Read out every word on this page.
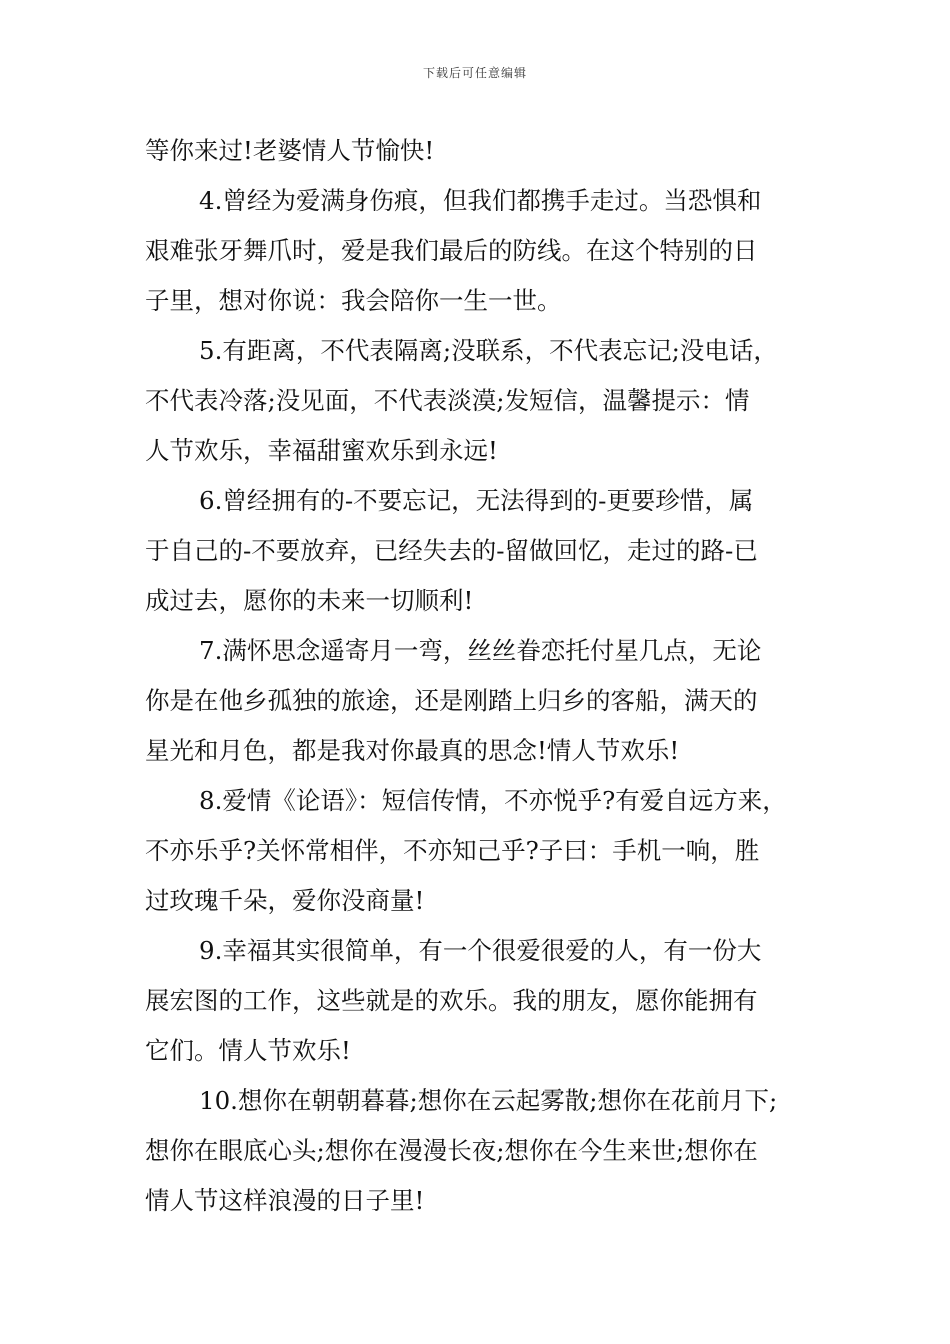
下载后可任意编辑
等你来过!老婆情人节愉快!
4.曾经为爱满身伤痕，但我们都携手走过。当恐惧和
艰难张牙舞爪时，爱是我们最后的防线。在这个特别的日
子里，想对你说：我会陪你一生一世。
5.有距离，不代表隔离;没联系，不代表忘记;没电话，
不代表冷落;没见面，不代表淡漠;发短信，温馨提示：情
人节欢乐，幸福甜蜜欢乐到永远!
6.曾经拥有的-不要忘记，无法得到的-更要珍惜，属
于自己的-不要放弃，已经失去的-留做回忆，走过的路-已
成过去，愿你的未来一切顺利!
7.满怀思念遥寄月一弯，丝丝眷恋托付星几点，无论
你是在他乡孤独的旅途，还是刚踏上归乡的客船，满天的
星光和月色，都是我对你最真的思念!情人节欢乐!
8.爱情《论语》：短信传情，不亦悦乎?有爱自远方来，
不亦乐乎?关怀常相伴，不亦知己乎?子曰：手机一响，胜
过玫瑰千朵，爱你没商量!
9.幸福其实很简单，有一个很爱很爱的人，有一份大
展宏图的工作，这些就是的欢乐。我的朋友，愿你能拥有
它们。情人节欢乐!
10.想你在朝朝暮暮;想你在云起雾散;想你在花前月下;
想你在眼底心头;想你在漫漫长夜;想你在今生来世;想你在
情人节这样浪漫的日子里!
